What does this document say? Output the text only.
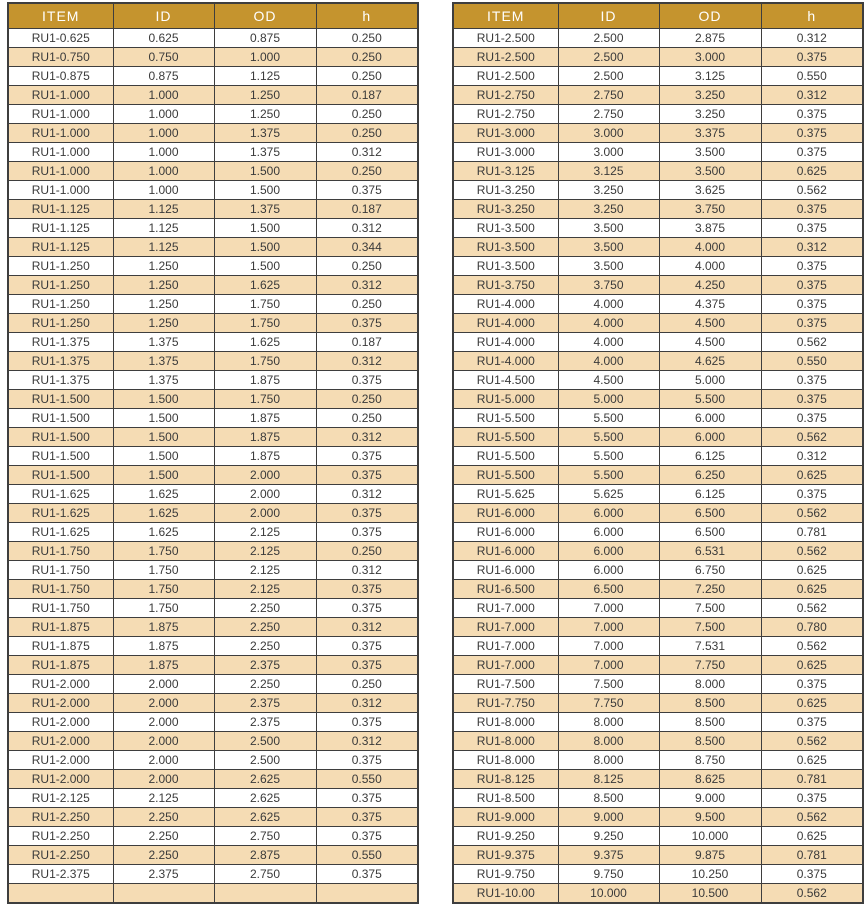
ITEM	ID	OD	h
RU1-0.625	0.625	0.875	0.250
RU1-0.750	0.750	1.000	0.250
RU1-0.875	0.875	1.125	0.250
RU1-1.000	1.000	1.250	0.187
RU1-1.000	1.000	1.250	0.250
RU1-1.000	1.000	1.375	0.250
RU1-1.000	1.000	1.375	0.312
RU1-1.000	1.000	1.500	0.250
RU1-1.000	1.000	1.500	0.375
RU1-1.125	1.125	1.375	0.187
RU1-1.125	1.125	1.500	0.312
RU1-1.125	1.125	1.500	0.344
RU1-1.250	1.250	1.500	0.250
RU1-1.250	1.250	1.625	0.312
RU1-1.250	1.250	1.750	0.250
RU1-1.250	1.250	1.750	0.375
RU1-1.375	1.375	1.625	0.187
RU1-1.375	1.375	1.750	0.312
RU1-1.375	1.375	1.875	0.375
RU1-1.500	1.500	1.750	0.250
RU1-1.500	1.500	1.875	0.250
RU1-1.500	1.500	1.875	0.312
RU1-1.500	1.500	1.875	0.375
RU1-1.500	1.500	2.000	0.375
RU1-1.625	1.625	2.000	0.312
RU1-1.625	1.625	2.000	0.375
RU1-1.625	1.625	2.125	0.375
RU1-1.750	1.750	2.125	0.250
RU1-1.750	1.750	2.125	0.312
RU1-1.750	1.750	2.125	0.375
RU1-1.750	1.750	2.250	0.375
RU1-1.875	1.875	2.250	0.312
RU1-1.875	1.875	2.250	0.375
RU1-1.875	1.875	2.375	0.375
RU1-2.000	2.000	2.250	0.250
RU1-2.000	2.000	2.375	0.312
RU1-2.000	2.000	2.375	0.375
RU1-2.000	2.000	2.500	0.312
RU1-2.000	2.000	2.500	0.375
RU1-2.000	2.000	2.625	0.550
RU1-2.125	2.125	2.625	0.375
RU1-2.250	2.250	2.625	0.375
RU1-2.250	2.250	2.750	0.375
RU1-2.250	2.250	2.875	0.550
RU1-2.375	2.375	2.750	0.375

ITEM	ID	OD	h
RU1-2.500	2.500	2.875	0.312
RU1-2.500	2.500	3.000	0.375
RU1-2.500	2.500	3.125	0.550
RU1-2.750	2.750	3.250	0.312
RU1-2.750	2.750	3.250	0.375
RU1-3.000	3.000	3.375	0.375
RU1-3.000	3.000	3.500	0.375
RU1-3.125	3.125	3.500	0.625
RU1-3.250	3.250	3.625	0.562
RU1-3.250	3.250	3.750	0.375
RU1-3.500	3.500	3.875	0.375
RU1-3.500	3.500	4.000	0.312
RU1-3.500	3.500	4.000	0.375
RU1-3.750	3.750	4.250	0.375
RU1-4.000	4.000	4.375	0.375
RU1-4.000	4.000	4.500	0.375
RU1-4.000	4.000	4.500	0.562
RU1-4.000	4.000	4.625	0.550
RU1-4.500	4.500	5.000	0.375
RU1-5.000	5.000	5.500	0.375
RU1-5.500	5.500	6.000	0.375
RU1-5.500	5.500	6.000	0.562
RU1-5.500	5.500	6.125	0.312
RU1-5.500	5.500	6.250	0.625
RU1-5.625	5.625	6.125	0.375
RU1-6.000	6.000	6.500	0.562
RU1-6.000	6.000	6.500	0.781
RU1-6.000	6.000	6.531	0.562
RU1-6.000	6.000	6.750	0.625
RU1-6.500	6.500	7.250	0.625
RU1-7.000	7.000	7.500	0.562
RU1-7.000	7.000	7.500	0.780
RU1-7.000	7.000	7.531	0.562
RU1-7.000	7.000	7.750	0.625
RU1-7.500	7.500	8.000	0.375
RU1-7.750	7.750	8.500	0.625
RU1-8.000	8.000	8.500	0.375
RU1-8.000	8.000	8.500	0.562
RU1-8.000	8.000	8.750	0.625
RU1-8.125	8.125	8.625	0.781
RU1-8.500	8.500	9.000	0.375
RU1-9.000	9.000	9.500	0.562
RU1-9.250	9.250	10.000	0.625
RU1-9.375	9.375	9.875	0.781
RU1-9.750	9.750	10.250	0.375
RU1-10.00	10.000	10.500	0.562
